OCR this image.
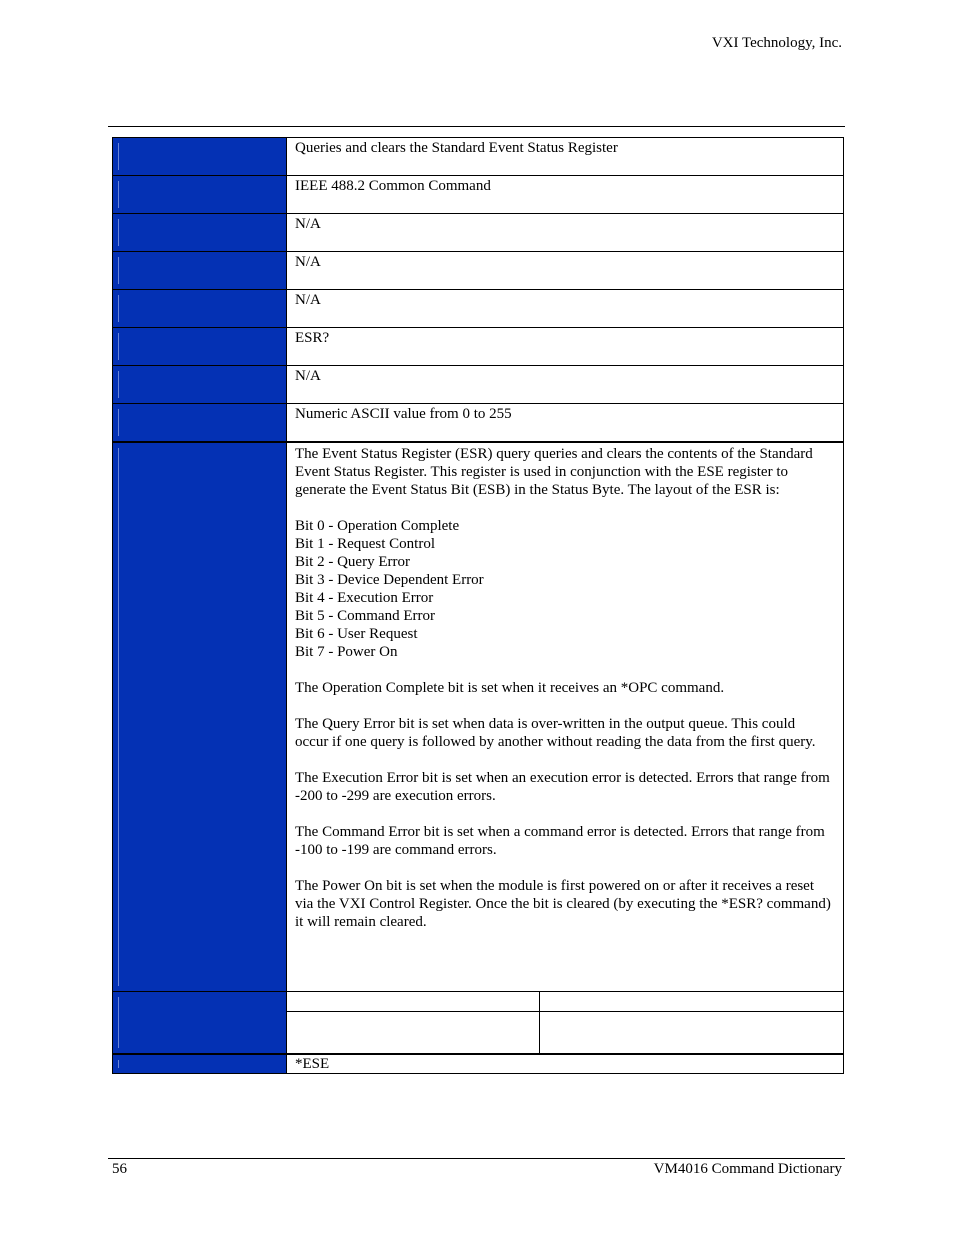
VXI Technology, Inc.
Queries and clears the Standard Event Status Register
IEEE 488.2 Common Command
N/A
N/A
N/A
ESR?
N/A
Numeric ASCII value from 0 to 255
The Event Status Register (ESR) query queries and clears the contents of the Standard Event Status Register. This register is used in conjunction with the ESE register to generate the Event Status Bit (ESB) in the Status Byte. The layout of the ESR is:

Bit 0 - Operation Complete
Bit 1 - Request Control
Bit 2 - Query Error
Bit 3 - Device Dependent Error
Bit 4 - Execution Error
Bit 5 - Command Error
Bit 6 - User Request
Bit 7 - Power On

The Operation Complete bit is set when it receives an *OPC command.

The Query Error bit is set when data is over-written in the output queue. This could occur if one query is followed by another without reading the data from the first query.

The Execution Error bit is set when an execution error is detected. Errors that range from -200 to -299 are execution errors.

The Command Error bit is set when a command error is detected. Errors that range from -100 to -199 are command errors.

The Power On bit is set when the module is first powered on or after it receives a reset via the VXI Control Register. Once the bit is cleared (by executing the *ESR? command) it will remain cleared.
*ESE
56	VM4016 Command Dictionary
